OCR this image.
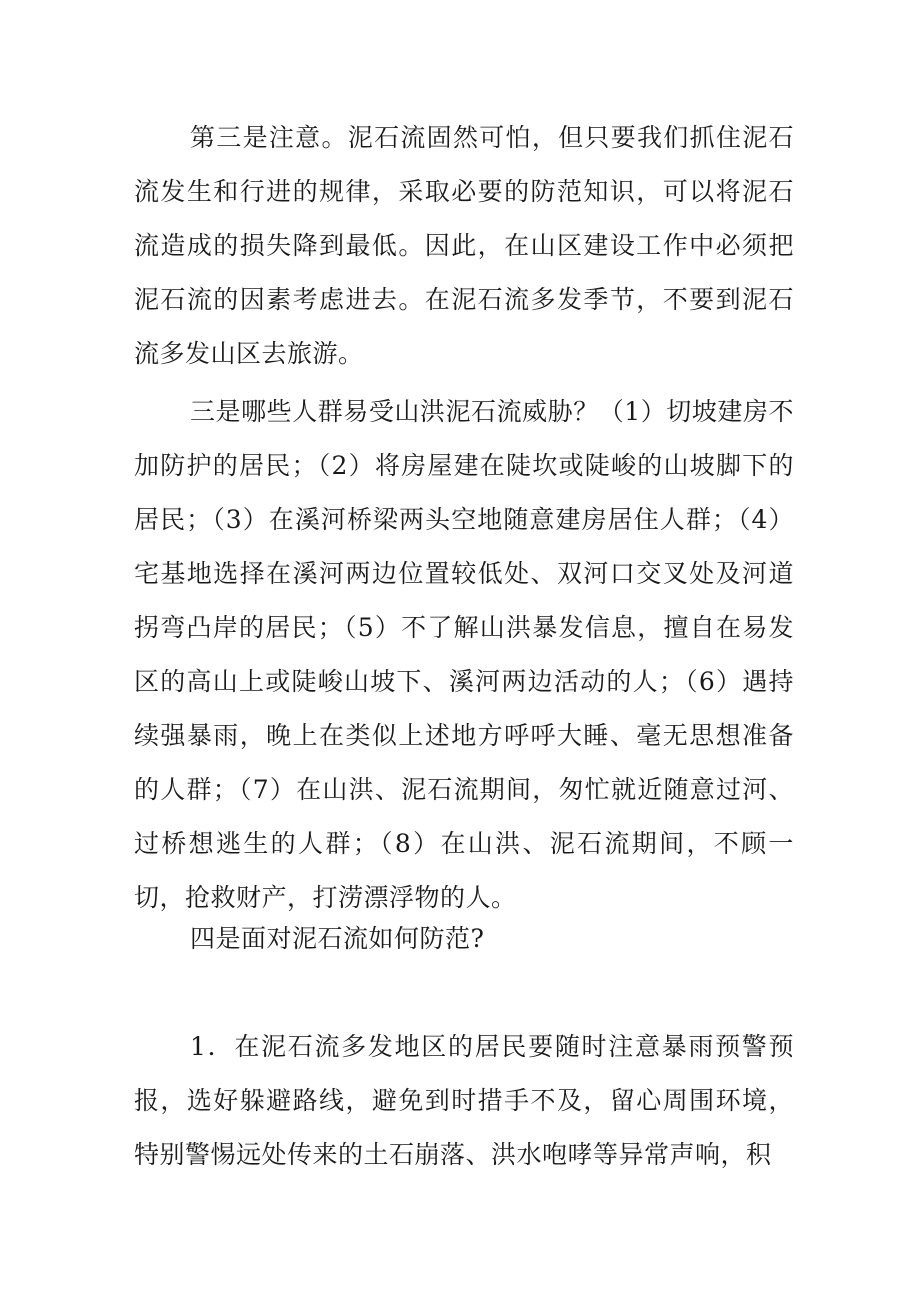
第三是注意。泥石流固然可怕，但只要我们抓住泥石流发生和行进的规律，采取必要的防范知识，可以将泥石流造成的损失降到最低。因此，在山区建设工作中必须把泥石流的因素考虑进去。在泥石流多发季节，不要到泥石流多发山区去旅游。

三是哪些人群易受山洪泥石流威胁？（1）切坡建房不加防护的居民；（2）将房屋建在陡坎或陡峻的山坡脚下的居民；（3）在溪河桥梁两头空地随意建房居住人群；（4）宅基地选择在溪河两边位置较低处、双河口交叉处及河道拐弯凸岸的居民；（5）不了解山洪暴发信息，擅自在易发区的高山上或陡峻山坡下、溪河两边活动的人；（6）遇持续强暴雨，晚上在类似上述地方呼呼大睡、毫无思想准备的人群；（7）在山洪、泥石流期间，匆忙就近随意过河、过桥想逃生的人群；（8）在山洪、泥石流期间，不顾一切，抢救财产，打涝漂浮物的人。

四是面对泥石流如何防范?

1．在泥石流多发地区的居民要随时注意暴雨预警预报，选好躲避路线，避免到时措手不及，留心周围环境，特别警惕远处传来的土石崩落、洪水咆哮等异常声响，积
